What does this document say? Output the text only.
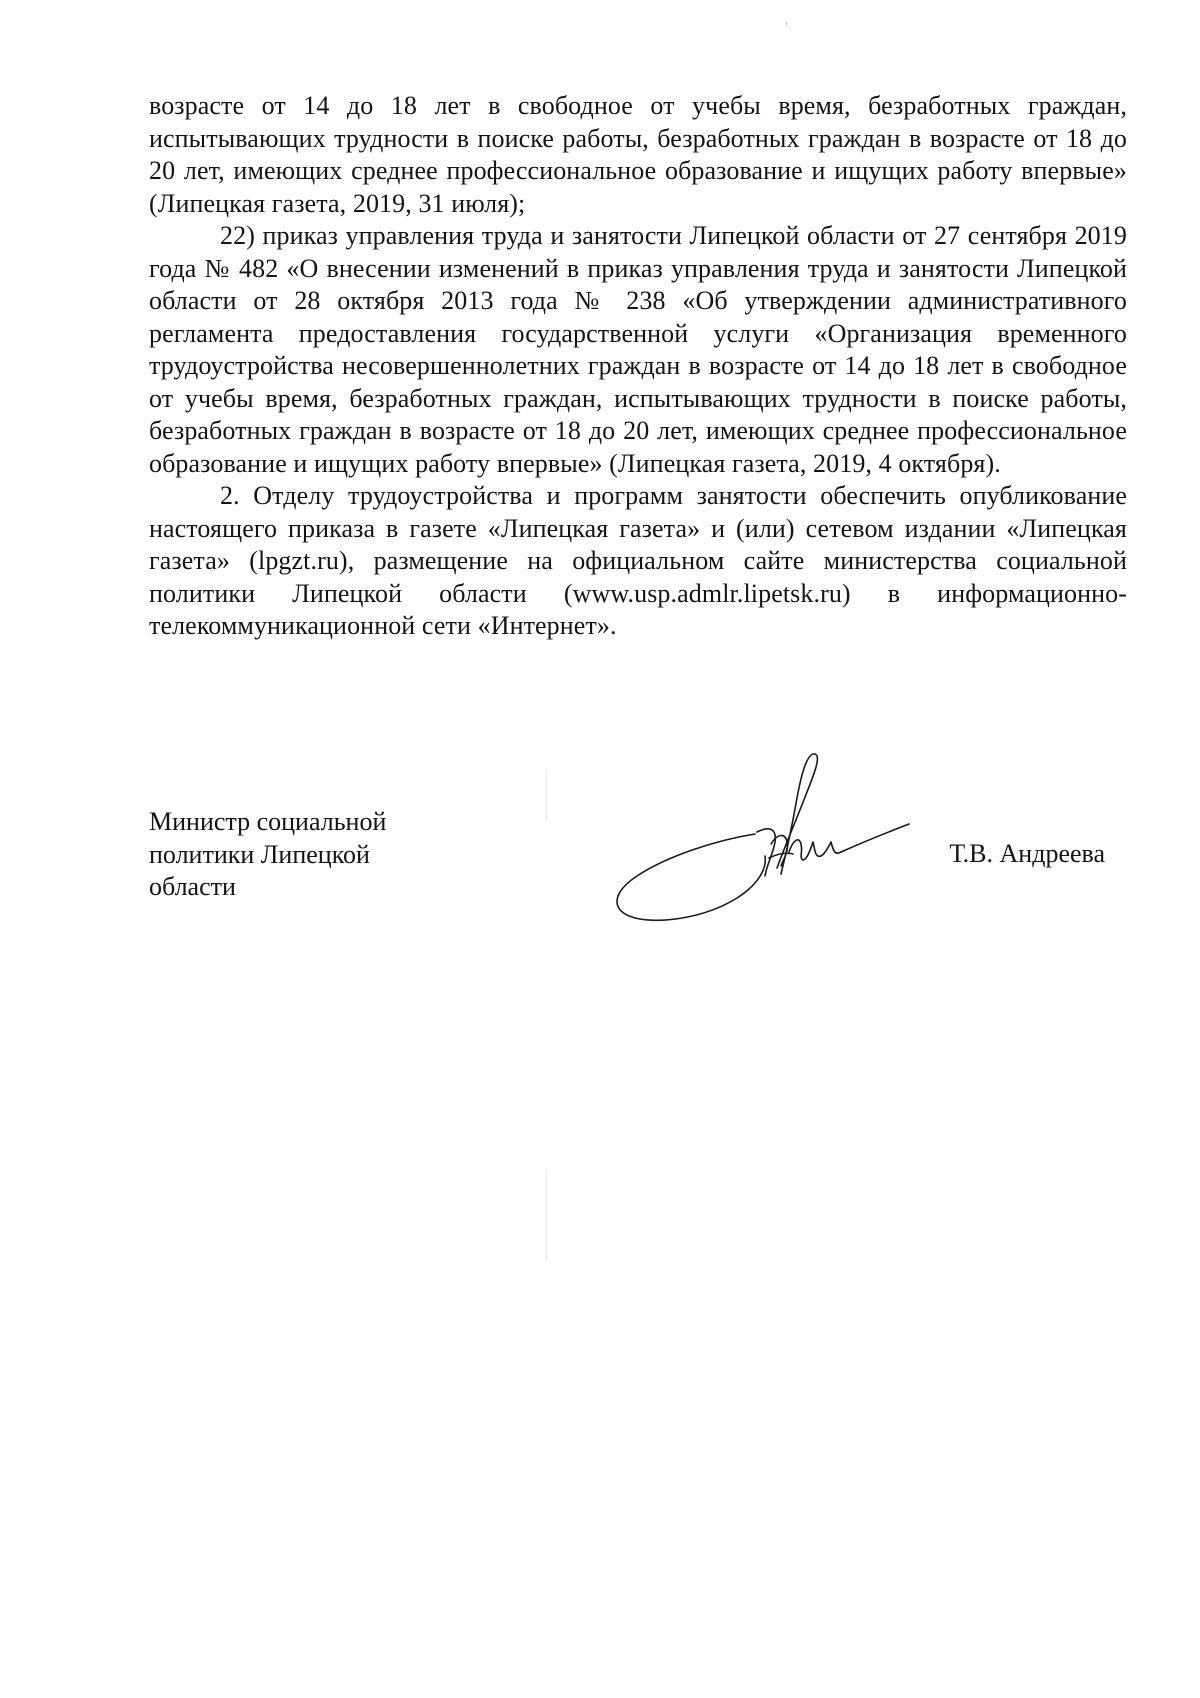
возрасте от 14 до 18 лет в свободное от учебы время, безработных граждан, испытывающих трудности в поиске работы, безработных граждан в возрасте от 18 до 20 лет, имеющих среднее профессиональное образование и ищущих работу впервые» (Липецкая газета, 2019, 31 июля);

22) приказ управления труда и занятости Липецкой области от 27 сентября 2019 года № 482 «О внесении изменений в приказ управления труда и занятости Липецкой области от 28 октября 2013 года № 238 «Об утверждении административного регламента предоставления государственной услуги «Организация временного трудоустройства несовершеннолетних граждан в возрасте от 14 до 18 лет в свободное от учебы время, безработных граждан, испытывающих трудности в поиске работы, безработных граждан в возрасте от 18 до 20 лет, имеющих среднее профессиональное образование и ищущих работу впервые» (Липецкая газета, 2019, 4 октября).

2. Отделу трудоустройства и программ занятости обеспечить опубликование настоящего приказа в газете «Липецкая газета» и (или) сетевом издании «Липецкая газета» (lpgzt.ru), размещение на официальном сайте министерства социальной политики Липецкой области (www.usp.admlr.lipetsk.ru) в информационно-телекоммуникационной сети «Интернет».

Министр социальной
политики Липецкой
области
Т.В. Андреева
